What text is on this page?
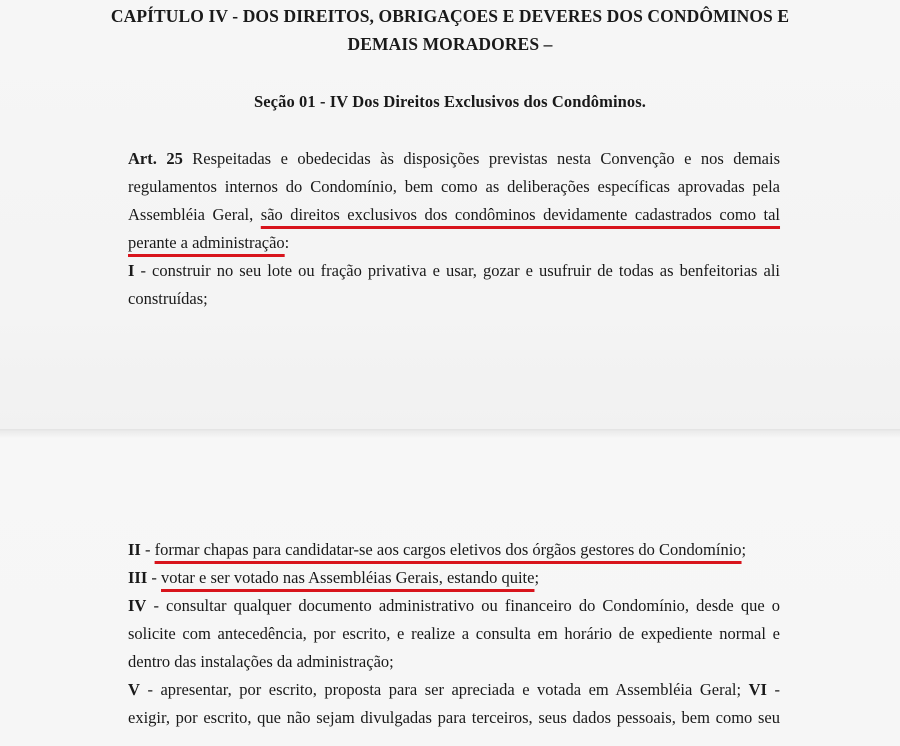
CAPÍTULO IV - DOS DIREITOS, OBRIGAÇOES E DEVERES DOS CONDÔMINOS E
DEMAIS MORADORES –
Seção 01 - IV Dos Direitos Exclusivos dos Condôminos.
Art. 25 Respeitadas e obedecidas às disposições previstas nesta Convenção e nos demais
regulamentos internos do Condomínio, bem como as deliberações específicas aprovadas pela
Assembléia Geral, são direitos exclusivos dos condôminos devidamente cadastrados como tal
perante a administração:
I - construir no seu lote ou fração privativa e usar, gozar e usufruir de todas as benfeitorias ali
construídas;
II - formar chapas para candidatar-se aos cargos eletivos dos órgãos gestores do Condomínio;
III - votar e ser votado nas Assembléias Gerais, estando quite;
IV - consultar qualquer documento administrativo ou financeiro do Condomínio, desde que o
solicite com antecedência, por escrito, e realize a consulta em horário de expediente normal e
dentro das instalações da administração;
V - apresentar, por escrito, proposta para ser apreciada e votada em Assembléia Geral; VI -
exigir, por escrito, que não sejam divulgadas para terceiros, seus dados pessoais, bem como seu
